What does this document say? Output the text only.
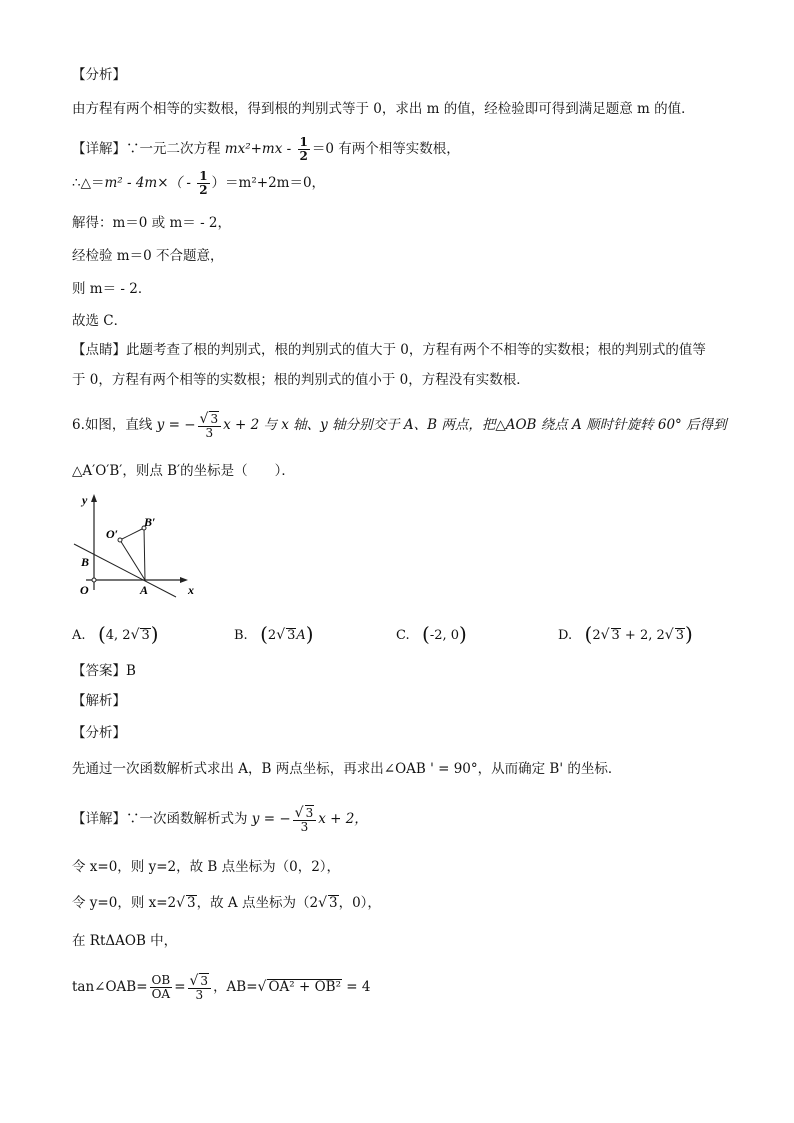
【分析】
由方程有两个相等的实数根，得到根的判别式等于 0，求出 m 的值，经检验即可得到满足题意 m 的值．
【详解】∵一元二次方程 $mx^2+mx - \frac{1}{2} =0$ 有两个相等实数根，
∴△＝m² - $4m\times( - \frac{1}{2} )=m^2+2m=0$，
解得：m＝0 或 m＝ - 2，
经检验 m＝0 不合题意，
则 m＝ - 2．
故选 C．
【点睛】此题考查了根的判别式，根的判别式的值大于 0，方程有两个不相等的实数根；根的判别式的值等
于 0，方程有两个相等的实数根；根的判别式的值小于 0，方程没有实数根．
6.如图，直线 y = − $\frac{√ 3}{3}$ x + 2 与 x 轴、y 轴分别交于 A、B 两点，把△AOB 绕点 A 顺时针旋转 60° 后得到
△A′O′B′，则点 B′的坐标是（　　）．
y
x
O	A
B
O′
B′
A. (4, 2√ 3)	B. (2√ 3A)	C. (-2, 0)	D. (2√ 3 + 2, 2√ 3)
【答案】B
【解析】
【分析】
先通过一次函数解析式求出 A，B 两点坐标，再求出∠OAB ' = 90°，从而确定 B' 的坐标．
【详解】∵一次函数解析式为 y = − $\frac{√ 3}{3}$ x + 2，
令 x=0，则 y=2，故 B 点坐标为（0，2），
令 y=0，则 x=2√ 3，故 A 点坐标为（2√ 3，0），
在 RtΔAOB 中，
tan∠OAB= $\frac{OB}{OA} = \frac{√ 3}{3}$ ，AB=√ OA² + OB² = 4
